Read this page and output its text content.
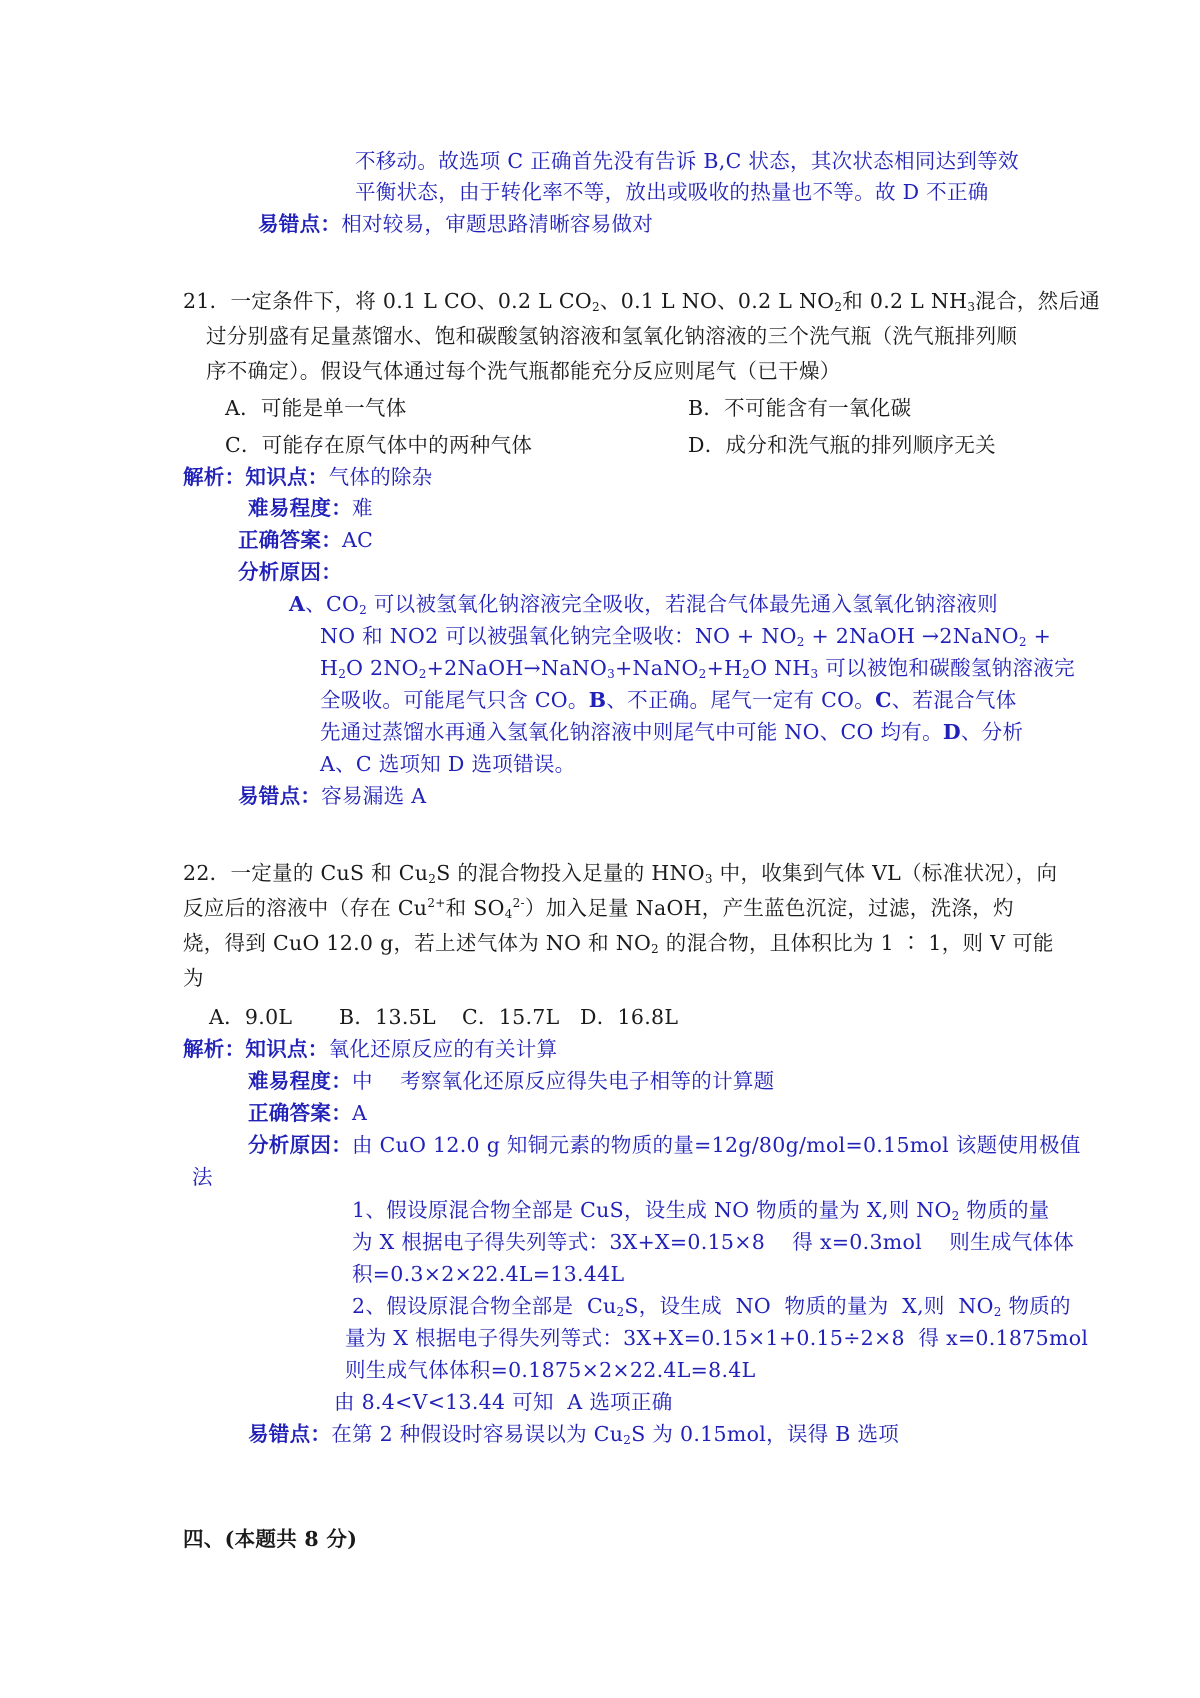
不移动。故选项 C 正确首先没有告诉 B,C 状态，其次状态相同达到等效
平衡状态，由于转化率不等，放出或吸收的热量也不等。故 D 不正确
易错点：相对较易，审题思路清晰容易做对
21．一定条件下，将 0.1 L CO、0.2 L $CO_2$、0.1 L NO、0.2 L $NO_2$和 0.2 L $NH_3$混合，然后通
过分别盛有足量蒸馏水、饱和碳酸氢钠溶液和氢氧化钠溶液的三个洗气瓶（洗气瓶排列顺
序不确定）。假设气体通过每个洗气瓶都能充分反应则尾气（已干燥）
A．可能是单一气体	B．不可能含有一氧化碳
C．可能存在原气体中的两种气体	D．成分和洗气瓶的排列顺序无关
解析：知识点：气体的除杂
难易程度：难
正确答案：AC
分析原因：
A、$CO_2$ 可以被氢氧化钠溶液完全吸收，若混合气体最先通入氢氧化钠溶液则
NO 和 NO2 可以被强氧化钠完全吸收：NO + $NO_2$ + 2NaOH →2NaNO$_2$ +
$H_2O$ $2NO_2+2NaOH\to NaNO_3+NaNO_2+H_2O$ $NH_3$ 可以被饱和碳酸氢钠溶液完
全吸收。可能尾气只含 CO。B、不正确。尾气一定有 CO。C、若混合气体
先通过蒸馏水再通入氢氧化钠溶液中则尾气中可能 NO、CO 均有。D、分析
A、C 选项知 D 选项错误。
易错点：容易漏选 A
22．一定量的 CuS 和 $Cu_2S$ 的混合物投入足量的 $HNO_3$ 中，收集到气体 VL（标准状况），向
反应后的溶液中（存在 $Cu^{2+}$和 $SO_4^{2-}$）加入足量 NaOH，产生蓝色沉淀，过滤，洗涤，灼
烧，得到 CuO 12.0 g，若上述气体为 NO 和 $NO_2$ 的混合物，且体积比为 1 ∶ 1，则 V 可能
为
A．9.0L B．13.5L C．15.7L D．16.8L
解析：知识点：氧化还原反应的有关计算
难易程度：中    考察氧化还原反应得失电子相等的计算题
正确答案：A
分析原因：由 CuO 12.0 g 知铜元素的物质的量=12g/80g/mol=0.15mol 该题使用极值
法
1、假设原混合物全部是 CuS，设生成 NO 物质的量为 X,则 $NO_2$ 物质的量
为 X 根据电子得失列等式：3X+X=0.15×8    得 x=0.3mol    则生成气体体
积=0.3×2×22.4L=13.44L
2、假设原混合物全部是  $Cu_2S$，设生成  NO  物质的量为  X,则  $NO_2$ 物质的
量为 X 根据电子得失列等式：3X+X=0.15×1+0.15÷2×8  得 x=0.1875mol
则生成气体体积=0.1875×2×22.4L=8.4L
由 8.4<V<13.44 可知  A 选项正确
易错点：在第 2 种假设时容易误以为 $Cu_2S$ 为 0.15mol，误得 B 选项
四、(本题共 8 分)
